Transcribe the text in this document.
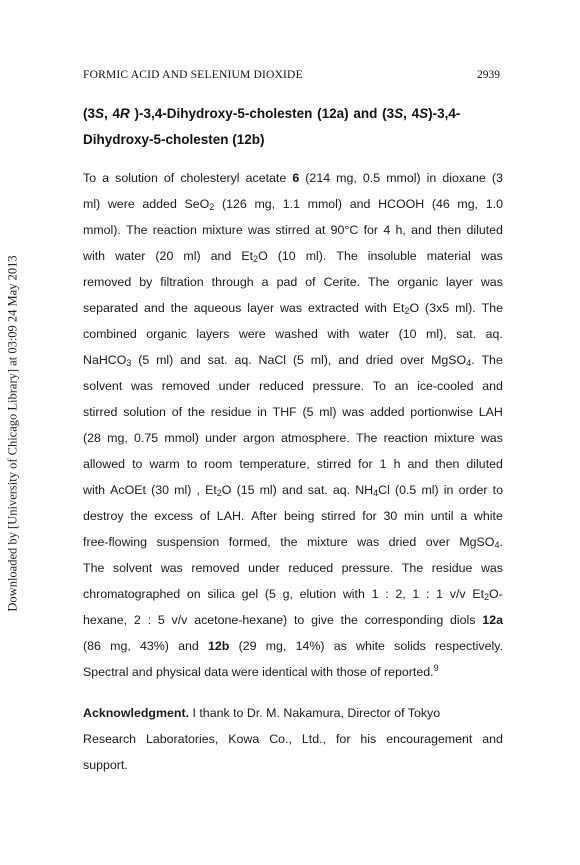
Downloaded by [University of Chicago Library] at 03:09 24 May 2013
FORMIC ACID AND SELENIUM DIOXIDE	2939
(3S, 4R )-3,4-Dihydroxy-5-cholesten (12a) and (3S, 4S)-3,4-
Dihydroxy-5-cholesten (12b)
To a solution of cholesteryl acetate 6 (214 mg, 0.5 mmol) in dioxane (3
ml) were added SeO$_2$ (126 mg, 1.1 mmol) and HCOOH (46 mg, 1.0
mmol). The reaction mixture was stirred at 90°C for 4 h, and then diluted
with water (20 ml) and $Et_2O$ (10 ml). The insoluble material was
removed by filtration through a pad of Cerite. The organic layer was
separated and the aqueous layer was extracted with $Et_2O$ (3x5 ml). The
combined organic layers were washed with water (10 ml), sat. aq.
NaHCO$_3$ (5 ml) and sat. aq. NaCl (5 ml), and dried over MgSO$_4$. The
solvent was removed under reduced pressure. To an ice-cooled and
stirred solution of the residue in THF (5 ml) was added portionwise LAH
(28 mg, 0.75 mmol) under argon atmosphere. The reaction mixture was
allowed to warm to room temperature, stirred for 1 h and then diluted
with AcOEt (30 ml) , $Et_2O$ (15 ml) and sat. aq. $NH_4Cl$ (0.5 ml) in order to
destroy the excess of LAH. After being stirred for 30 min until a white
free-flowing suspension formed, the mixture was dried over MgSO$_4$.
The solvent was removed under reduced pressure. The residue was
chromatographed on silica gel (5 g, elution with 1 : 2, 1 : 1 v/v $Et_2O-$
hexane, 2 : 5 v/v acetone-hexane) to give the corresponding diols 12a
(86 mg, 43%) and 12b (29 mg, 14%) as white solids respectively.
Spectral and physical data were identical with those of reported.$^9$
Acknowledgment. I thank to Dr. M. Nakamura, Director of Tokyo
Research Laboratories, Kowa Co., Ltd., for his encouragement and
support.
